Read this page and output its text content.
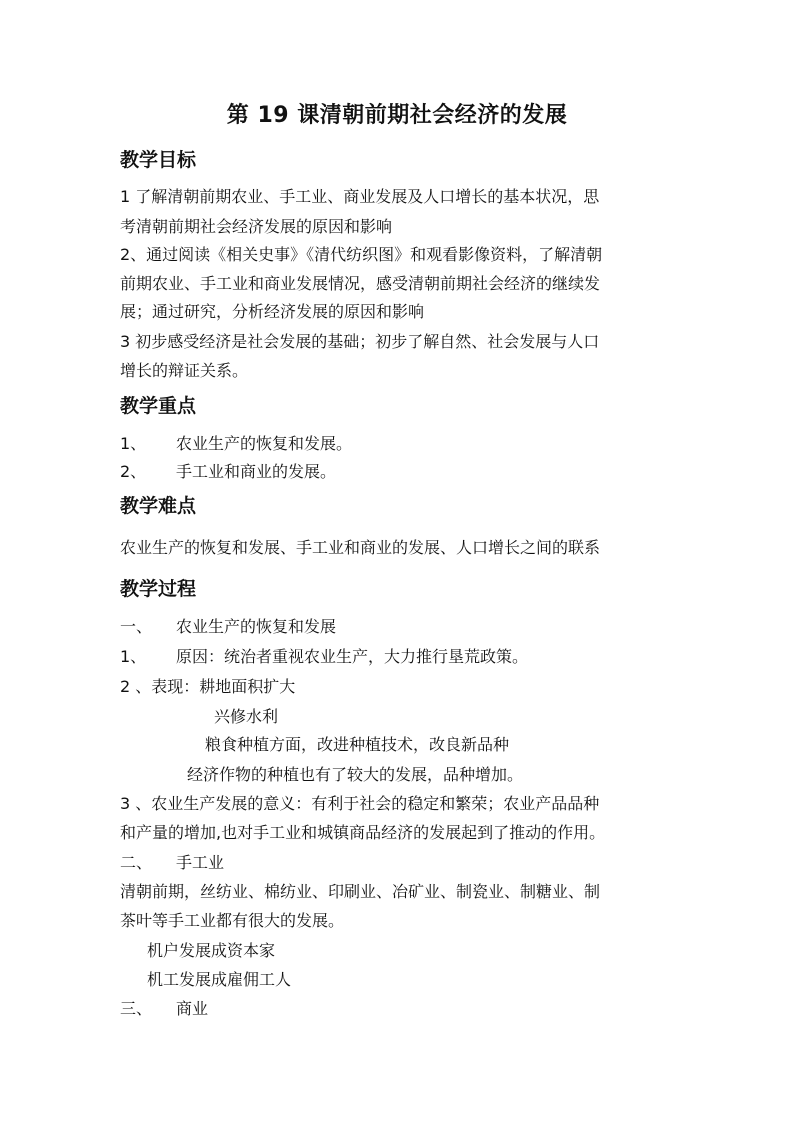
第 19 课清朝前期社会经济的发展
教学目标
1 了解清朝前期农业、手工业、商业发展及人口增长的基本状况，思
考清朝前期社会经济发展的原因和影响
2、通过阅读《相关史事》《清代纺织图》和观看影像资料，了解清朝
前期农业、手工业和商业发展情况，感受清朝前期社会经济的继续发
展；通过研究，分析经济发展的原因和影响
3 初步感受经济是社会发展的基础；初步了解自然、社会发展与人口
增长的辩证关系。
教学重点
1、 农业生产的恢复和发展。
2、 手工业和商业的发展。
教学难点
农业生产的恢复和发展、手工业和商业的发展、人口增长之间的联系
教学过程
一、 农业生产的恢复和发展
1、 原因：统治者重视农业生产，大力推行垦荒政策。
2 、表现：耕地面积扩大
兴修水利
粮食种植方面，改进种植技术，改良新品种
经济作物的种植也有了较大的发展，品种增加。
3 、农业生产发展的意义：有利于社会的稳定和繁荣；农业产品品种
和产量的增加,也对手工业和城镇商品经济的发展起到了推动的作用。
二、 手工业
清朝前期，丝纺业、棉纺业、印刷业、冶矿业、制瓷业、制糖业、制
茶叶等手工业都有很大的发展。
机户发展成资本家
机工发展成雇佣工人
三、 商业
